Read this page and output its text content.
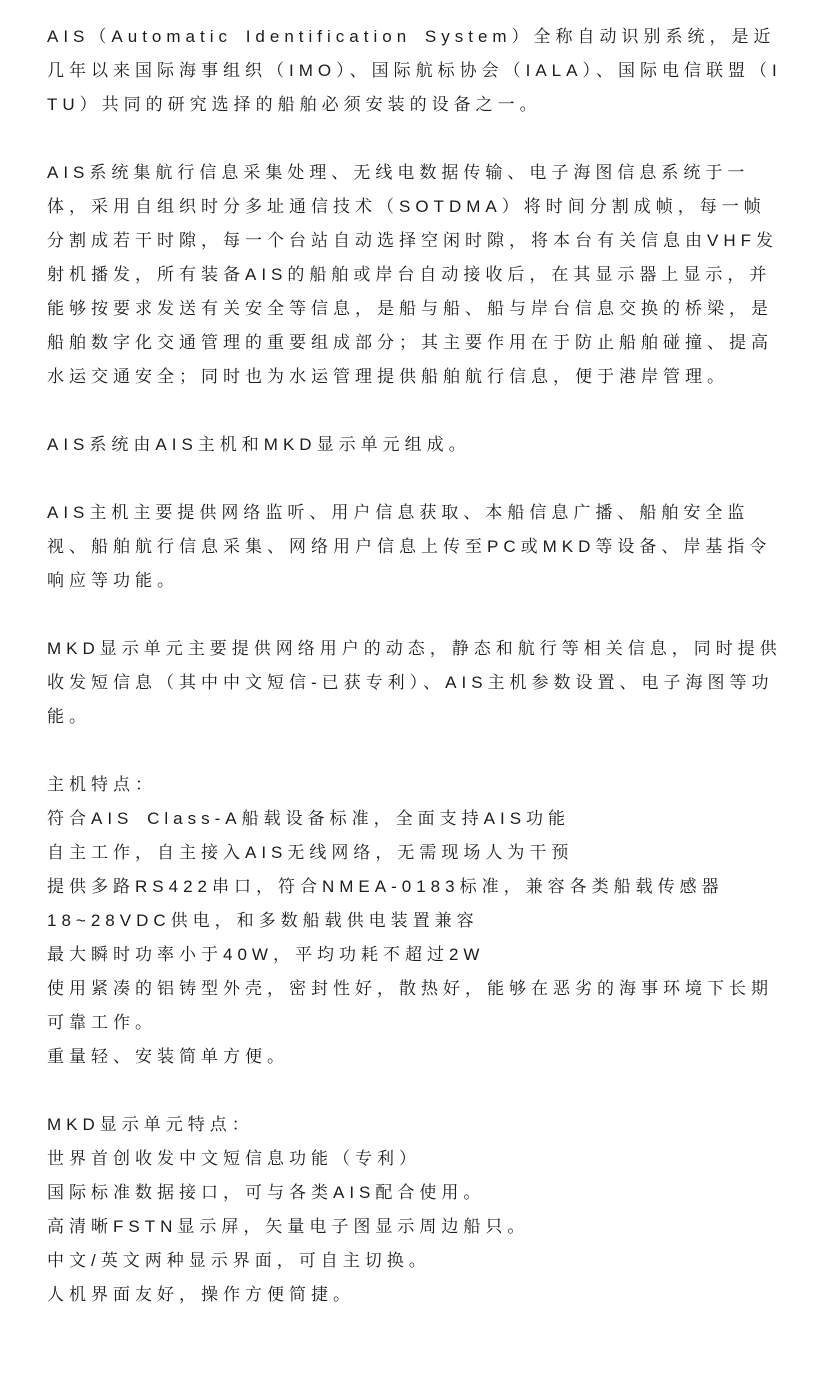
AIS（Automatic Identification System）全称自动识别系统，是近几年以来国际海事组织（IMO）、国际航标协会（IALA）、国际电信联盟（ITU）共同的研究选择的船舶必须安装的设备之一。

AIS系统集航行信息采集处理、无线电数据传输、电子海图信息系统于一体，采用自组织时分多址通信技术（SOTDMA）将时间分割成帧，每一帧分割成若干时隙，每一个台站自动选择空闲时隙，将本台有关信息由VHF发射机播发，所有装备AIS的船舶或岸台自动接收后，在其显示器上显示，并能够按要求发送有关安全等信息，是船与船、船与岸台信息交换的桥梁，是船舶数字化交通管理的重要组成部分；其主要作用在于防止船舶碰撞、提高水运交通安全；同时也为水运管理提供船舶航行信息，便于港岸管理。

AIS系统由AIS主机和MKD显示单元组成。

AIS主机主要提供网络监听、用户信息获取、本船信息广播、船舶安全监视、船舶航行信息采集、网络用户信息上传至PC或MKD等设备、岸基指令响应等功能。

MKD显示单元主要提供网络用户的动态，静态和航行等相关信息，同时提供收发短信息（其中中文短信-已获专利）、AIS主机参数设置、电子海图等功能。

主机特点：
符合AIS Class-A船载设备标准，全面支持AIS功能
自主工作，自主接入AIS无线网络，无需现场人为干预
提供多路RS422串口，符合NMEA-0183标准，兼容各类船载传感器
18~28VDC供电，和多数船载供电装置兼容
最大瞬时功率小于40W，平均功耗不超过2W
使用紧凑的铝铸型外壳，密封性好，散热好，能够在恶劣的海事环境下长期可靠工作。
重量轻、安装简单方便。
MKD显示单元特点：
世界首创收发中文短信息功能（专利）
国际标准数据接口，可与各类AIS配合使用。
高清晰FSTN显示屏，矢量电子图显示周边船只。
中文/英文两种显示界面，可自主切换。
人机界面友好，操作方便简捷。
